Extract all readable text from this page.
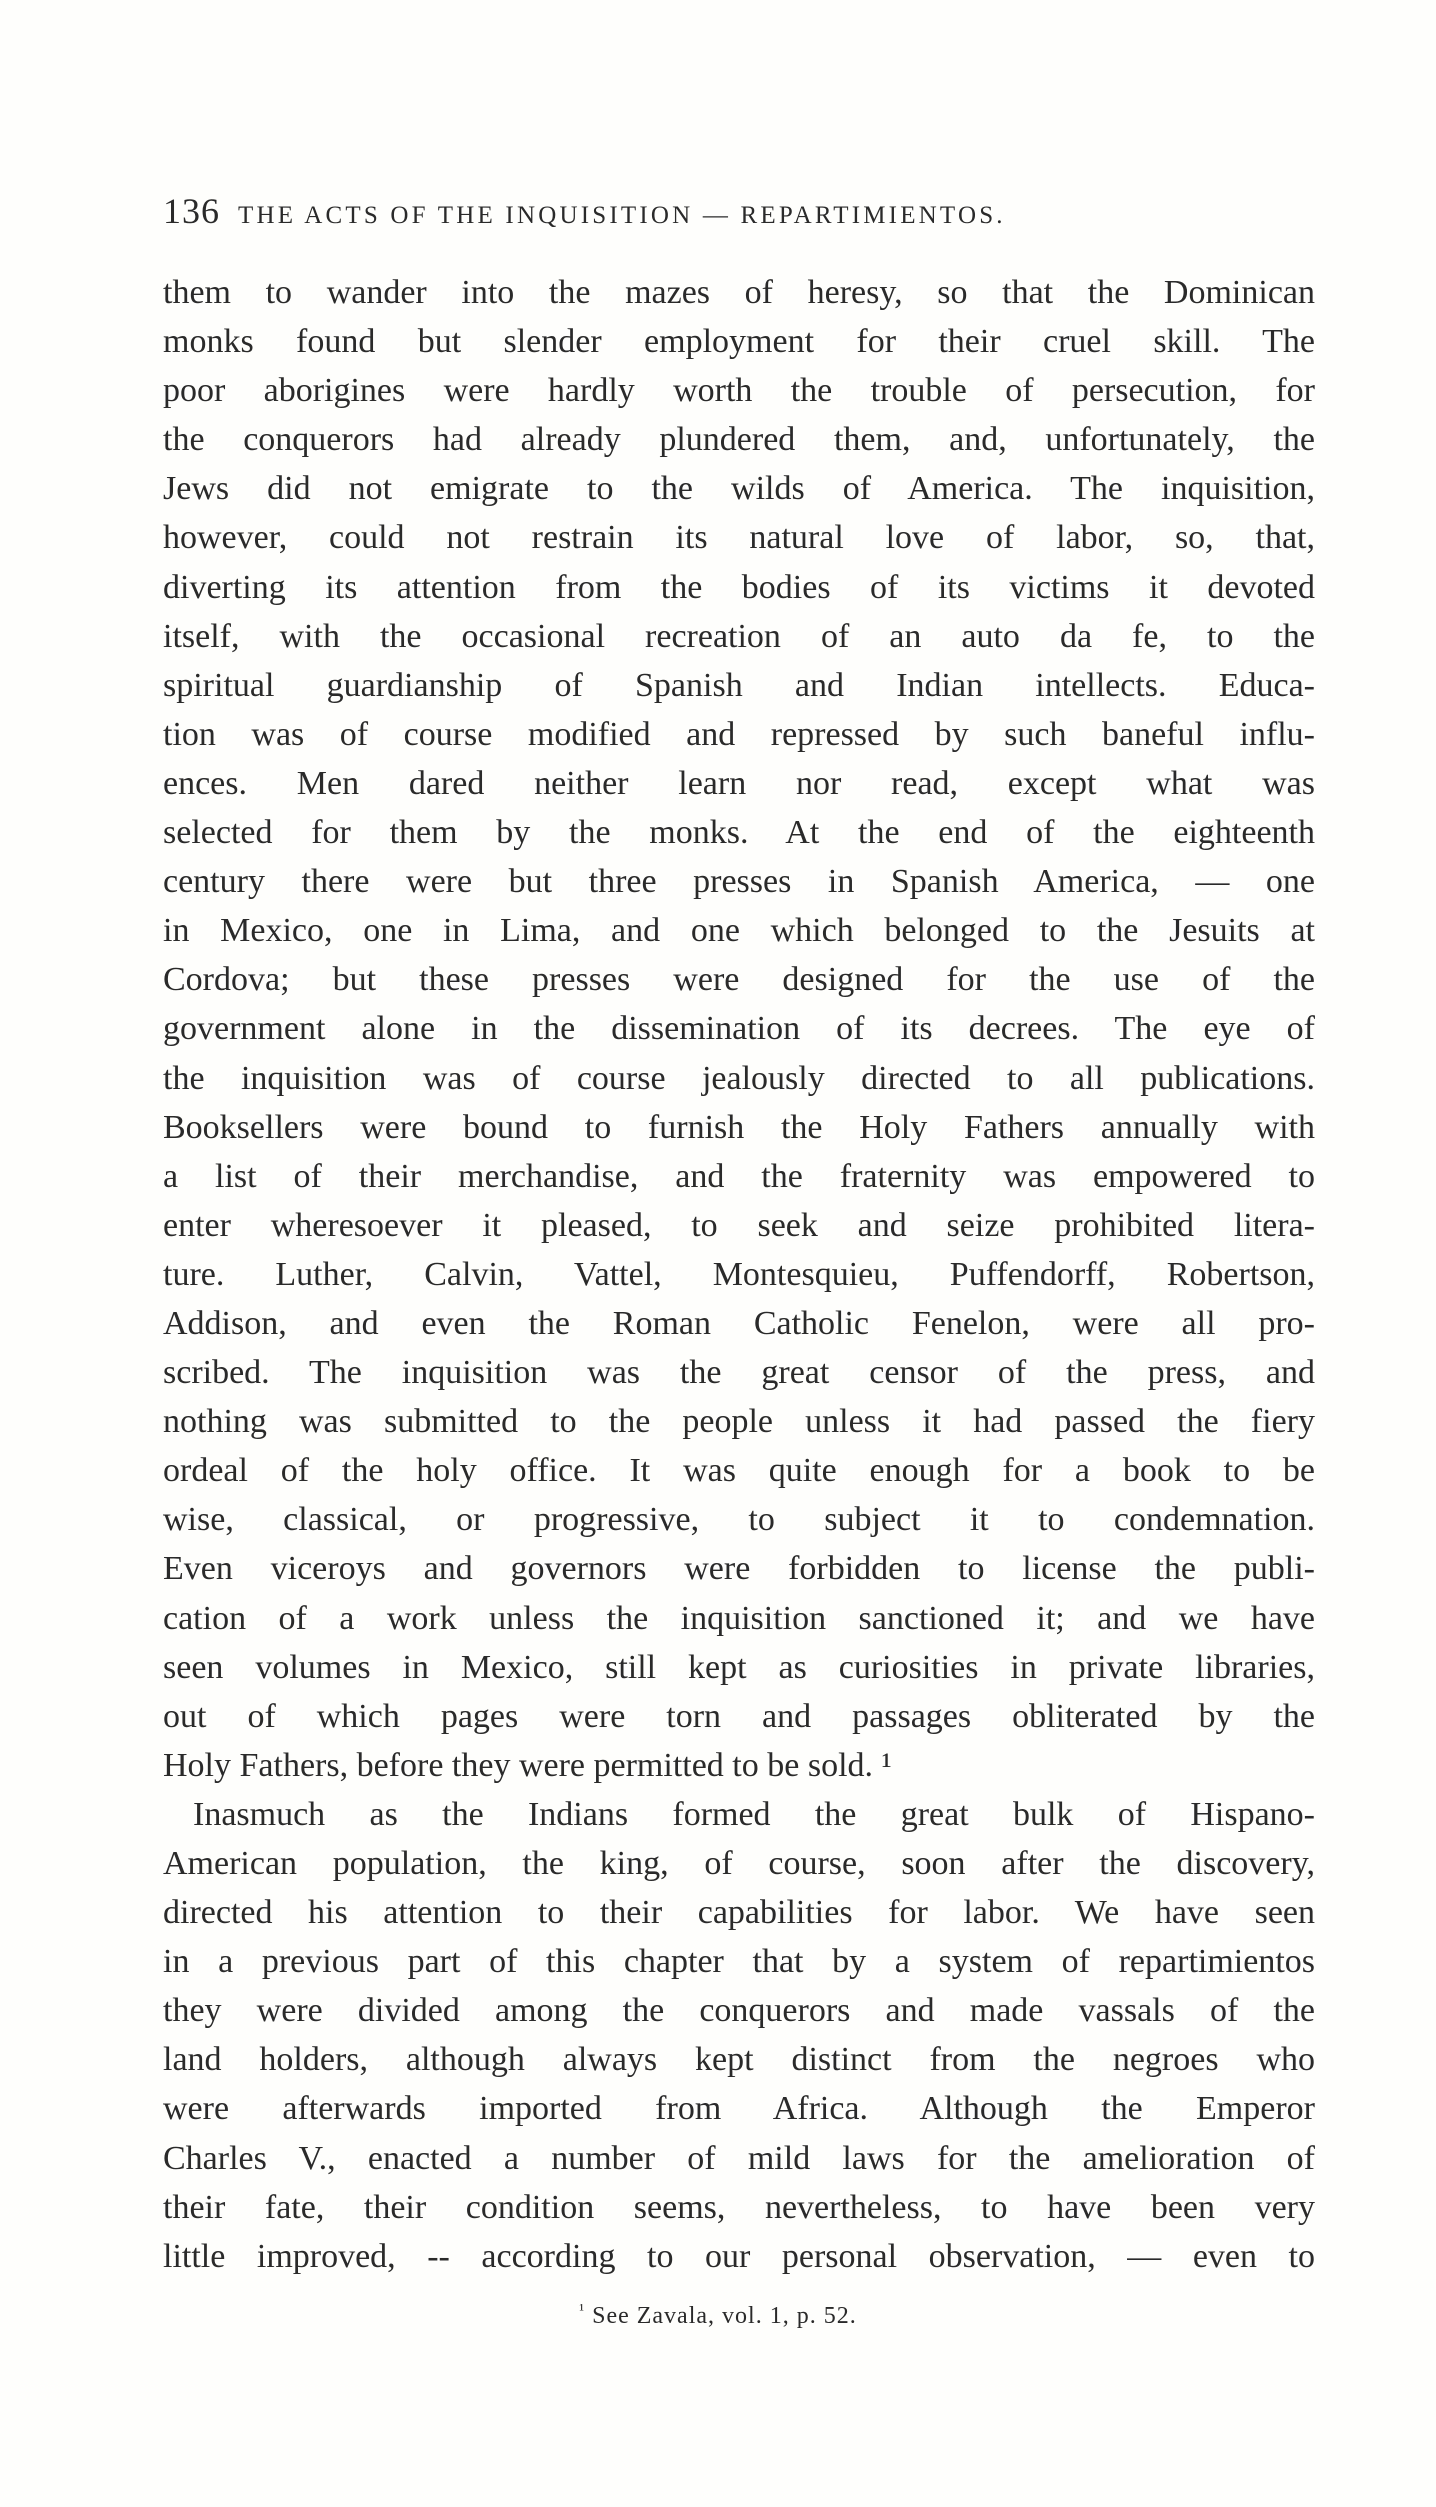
136 THE ACTS OF THE INQUISITION — REPARTIMIENTOS.
them to wander into the mazes of heresy, so that the Dominican
monks found but slender employment for their cruel skill. The
poor aborigines were hardly worth the trouble of persecution, for
the conquerors had already plundered them, and, unfortunately, the
Jews did not emigrate to the wilds of America. The inquisition,
however, could not restrain its natural love of labor, so, that,
diverting its attention from the bodies of its victims it devoted
itself, with the occasional recreation of an auto da fe, to the
spiritual guardianship of Spanish and Indian intellects. Educa-
tion was of course modified and repressed by such baneful influ-
ences. Men dared neither learn nor read, except what was
selected for them by the monks. At the end of the eighteenth
century there were but three presses in Spanish America, — one
in Mexico, one in Lima, and one which belonged to the Jesuits at
Cordova; but these presses were designed for the use of the
government alone in the dissemination of its decrees. The eye of
the inquisition was of course jealously directed to all publications.
Booksellers were bound to furnish the Holy Fathers annually with
a list of their merchandise, and the fraternity was empowered to
enter wheresoever it pleased, to seek and seize prohibited litera-
ture. Luther, Calvin, Vattel, Montesquieu, Puffendorff, Robertson,
Addison, and even the Roman Catholic Fenelon, were all pro-
scribed. The inquisition was the great censor of the press, and
nothing was submitted to the people unless it had passed the fiery
ordeal of the holy office. It was quite enough for a book to be
wise, classical, or progressive, to subject it to condemnation.
Even viceroys and governors were forbidden to license the publi-
cation of a work unless the inquisition sanctioned it; and we have
seen volumes in Mexico, still kept as curiosities in private libraries,
out of which pages were torn and passages obliterated by the
Holy Fathers, before they were permitted to be sold. ¹
Inasmuch as the Indians formed the great bulk of Hispano-
American population, the king, of course, soon after the discovery,
directed his attention to their capabilities for labor. We have seen
in a previous part of this chapter that by a system of repartimientos
they were divided among the conquerors and made vassals of the
land holders, although always kept distinct from the negroes who
were afterwards imported from Africa. Although the Emperor
Charles V., enacted a number of mild laws for the amelioration of
their fate, their condition seems, nevertheless, to have been very
little improved, -- according to our personal observation, — even to
$^{^1}$ See Zavala, vol. 1, p. 52.
